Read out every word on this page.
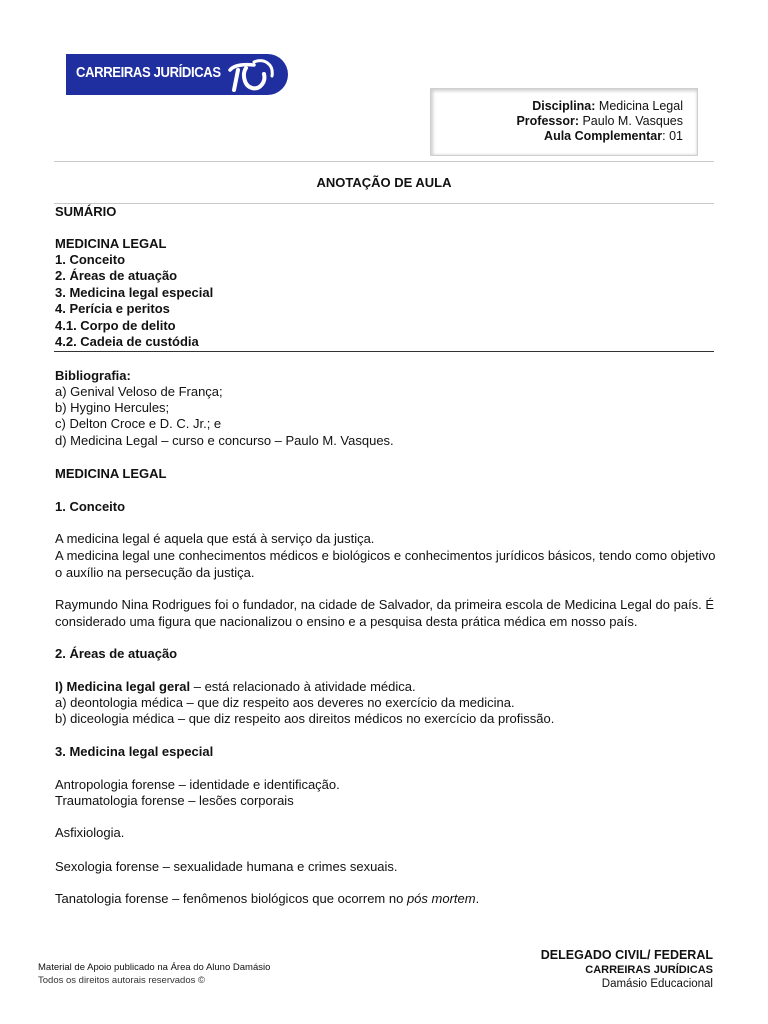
CARREIRAS JURÍDICAS
Disciplina: Medicina Legal
Professor: Paulo M. Vasques
Aula Complementar: 01
ANOTAÇÃO DE AULA
SUMÁRIO
MEDICINA LEGAL
1. Conceito
2. Áreas de atuação
3. Medicina legal especial
4. Perícia e peritos
4.1. Corpo de delito
4.2. Cadeia de custódia
Bibliografia:
a) Genival Veloso de França;
b) Hygino Hercules;
c) Delton Croce e D. C. Jr.; e
d) Medicina Legal – curso e concurso – Paulo M. Vasques.
MEDICINA LEGAL
1. Conceito
A medicina legal é aquela que está à serviço da justiça.
A medicina legal une conhecimentos médicos e biológicos e conhecimentos jurídicos básicos, tendo como objetivo o auxílio na persecução da justiça.
Raymundo Nina Rodrigues foi o fundador, na cidade de Salvador, da primeira escola de Medicina Legal do país. É considerado uma figura que nacionalizou o ensino e a pesquisa desta prática médica em nosso país.
2. Áreas de atuação
I) Medicina legal geral – está relacionado à atividade médica.
a) deontologia médica – que diz respeito aos deveres no exercício da medicina.
b) diceologia médica – que diz respeito aos direitos médicos no exercício da profissão.
3. Medicina legal especial
Antropologia forense – identidade e identificação.
Traumatologia forense – lesões corporais
Asfixiologia.
Sexologia forense – sexualidade humana e crimes sexuais.
Tanatologia forense – fenômenos biológicos que ocorrem no pós mortem.
Material de Apoio publicado na Área do Aluno Damásio
Todos os direitos autorais reservados ©
DELEGADO CIVIL/ FEDERAL
CARREIRAS JURÍDICAS
Damásio Educacional
